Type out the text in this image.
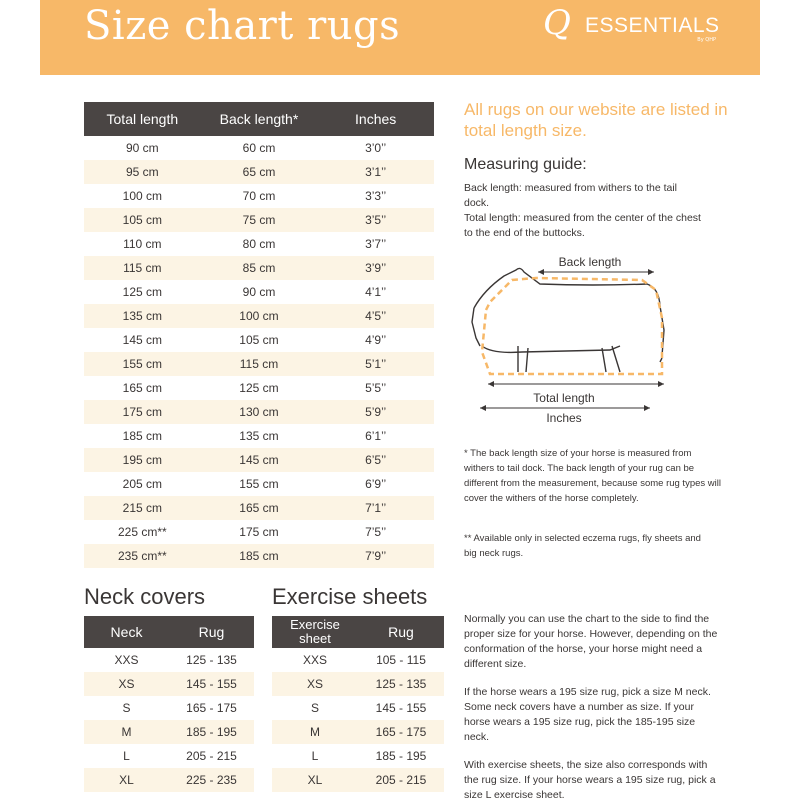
Size chart rugs	Q ESSENTIALS
By QHP
Total length	Back length*	Inches
90 cm	60 cm	3’0’’
95 cm	65 cm	3’1’’
100 cm	70 cm	3’3’’
105 cm	75 cm	3’5’’
110 cm	80 cm	3’7’’
115 cm	85 cm	3’9’’
125 cm	90 cm	4’1’’
135 cm	100 cm	4’5’’
145 cm	105 cm	4’9’’
155 cm	115 cm	5’1’’
165 cm	125 cm	5’5’’
175 cm	130 cm	5’9’’
185 cm	135 cm	6’1’’
195 cm	145 cm	6’5’’
205 cm	155 cm	6’9’’
215 cm	165 cm	7’1’’
225 cm**	175 cm	7’5’’
235 cm**	185 cm	7’9’’
Neck covers	Exercise sheets
Neck	Rug
XXS	125 - 135
XS	145 - 155
S	165 - 175
M	185 - 195
L	205 - 215
XL	225 - 235
Exercise
sheet	Rug
XXS	105 - 115
XS	125 - 135
S	145 - 155
M	165 - 175
L	185 - 195
XL	205 - 215
All rugs on our website are listed in total length size.
Measuring guide:

Back length: measured from withers to the tail dock.

Total length: measured from the center of the chest to the end of the buttocks.

Back length
Total length
Inches
* The back length size of your horse is measured from withers to tail dock. The back length of your rug can be different from the measurement, because some rug types will cover the withers of the horse completely.
** Available only in selected eczema rugs, fly sheets and big neck rugs.

Normally you can use the chart to the side to find the proper size for your horse. However, depending on the conformation of the horse, your horse might need a different size.

If the horse wears a 195 size rug, pick a size M neck. Some neck covers have a number as size. If your horse wears a 195 size rug, pick the 185-195 size neck.

With exercise sheets, the size also corresponds with the rug size. If your horse wears a 195 size rug, pick a size L exercise sheet.
